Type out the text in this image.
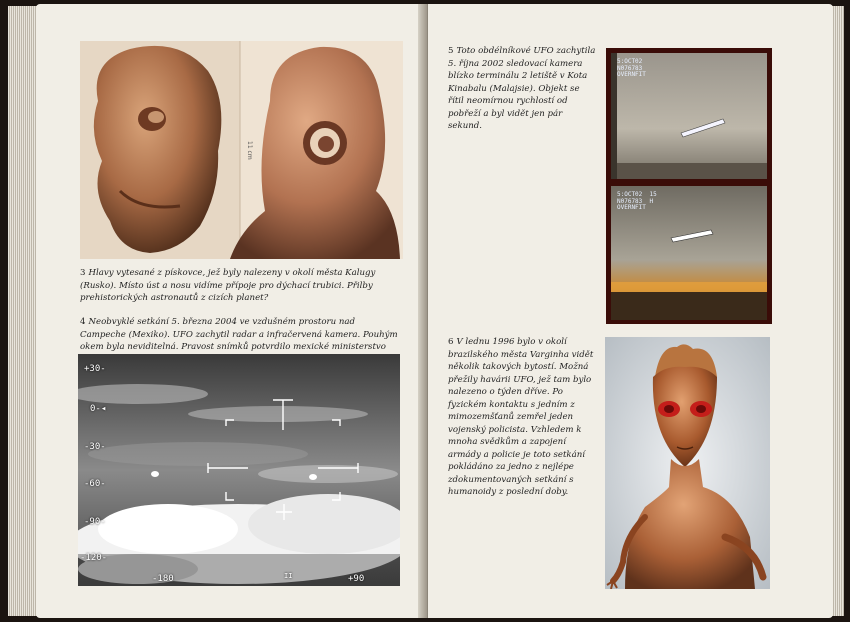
11 cm
3 Hlavy vytesané z pískovce, jež byly nalezeny v okolí města Kalugy (Rusko). Místo úst a nosu vidíme přípoje pro dýchací trubici. Přilby prehistorických astronautů z cizích planet?
4 Neobvyklé setkání 5. března 2004 ve vzdušném prostoru nad Campeche (Mexiko). UFO zachytil radar a infračervená kamera. Pouhým okem byla neviditelná. Pravost snímků potvrdilo mexické ministerstvo
+30-
0-◂
-30-
-60-
-90-
-120-
-180	+90
II
5 Toto obdélníkové UFO zachytila 5. října 2002 sledovací kamera blízko terminálu 2 letiště v Kota Kinabalu (Malajsie). Objekt se řítil neomírnou rychlostí od pobřeží a byl vidět jen pár sekund.
5:OCT02
N076783
OVERNFIT
5:OCT02  15
N076783  H
OVERNFIT
6 V lednu 1996 bylo v okolí brazilského města Varginha vidět několik takových bytostí. Možná přežily havárii UFO, jež tam bylo nalezeno o týden dříve. Po fyzickém kontaktu s jedním z mimozemšťanů zemřel jeden vojenský policista. Vzhledem k mnoha svědkům a zapojení armády a policie je toto setkání pokládáno za jedno z nejlépe zdokumentovaných setkání s humanoidy z poslední doby.
